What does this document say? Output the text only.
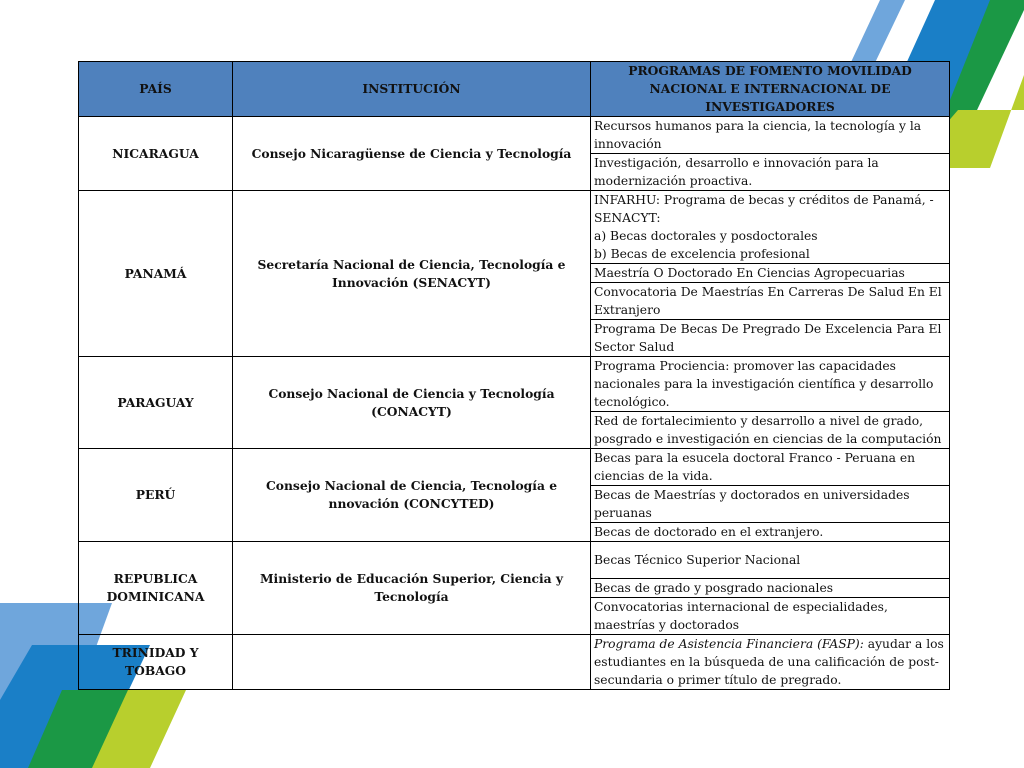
PAÍS	INSTITUCIÓN	PROGRAMAS DE FOMENTO MOVILIDAD NACIONAL E INTERNACIONAL DE INVESTIGADORES
NICARAGUA	Consejo Nicaragüense de Ciencia y Tecnología	Recursos humanos para la ciencia, la tecnología y la innovación
		Investigación, desarrollo e innovación para la modernización proactiva.
PANAMÁ	Secretaría Nacional de Ciencia, Tecnología e Innovación (SENACYT)	INFARHU: Programa de becas y créditos de Panamá, - SENACYT:
a) Becas doctorales y posdoctorales
b) Becas de excelencia profesional

		Maestría O Doctorado En Ciencias Agropecuarias
		Convocatoria De Maestrías En Carreras De Salud En El Extranjero
		Programa De Becas De Pregrado De Excelencia Para El Sector Salud
PARAGUAY	Consejo Nacional de Ciencia y Tecnología (CONACYT)	Programa Prociencia: promover las capacidades nacionales para la investigación científica y desarrollo tecnológico.
		Red de fortalecimiento y desarrollo a nivel de grado, posgrado e investigación en ciencias de la computación
PERÚ	Consejo Nacional de Ciencia, Tecnología e nnovación (CONCYTED)	Becas para la esucela doctoral Franco - Peruana en ciencias de la vida.
		Becas de Maestrías y doctorados en universidades peruanas
		Becas de doctorado en el extranjero.
REPUBLICA DOMINICANA	Ministerio de Educación Superior, Ciencia y Tecnología	Becas Técnico Superior Nacional
		Becas de grado y posgrado nacionales
		Convocatorias internacional de especialidades, maestrías y doctorados
TRINIDAD Y TOBAGO		Programa de Asistencia Financiera (FASP): ayudar a los estudiantes en la búsqueda de una calificación de post-secundaria o primer título de pregrado.
